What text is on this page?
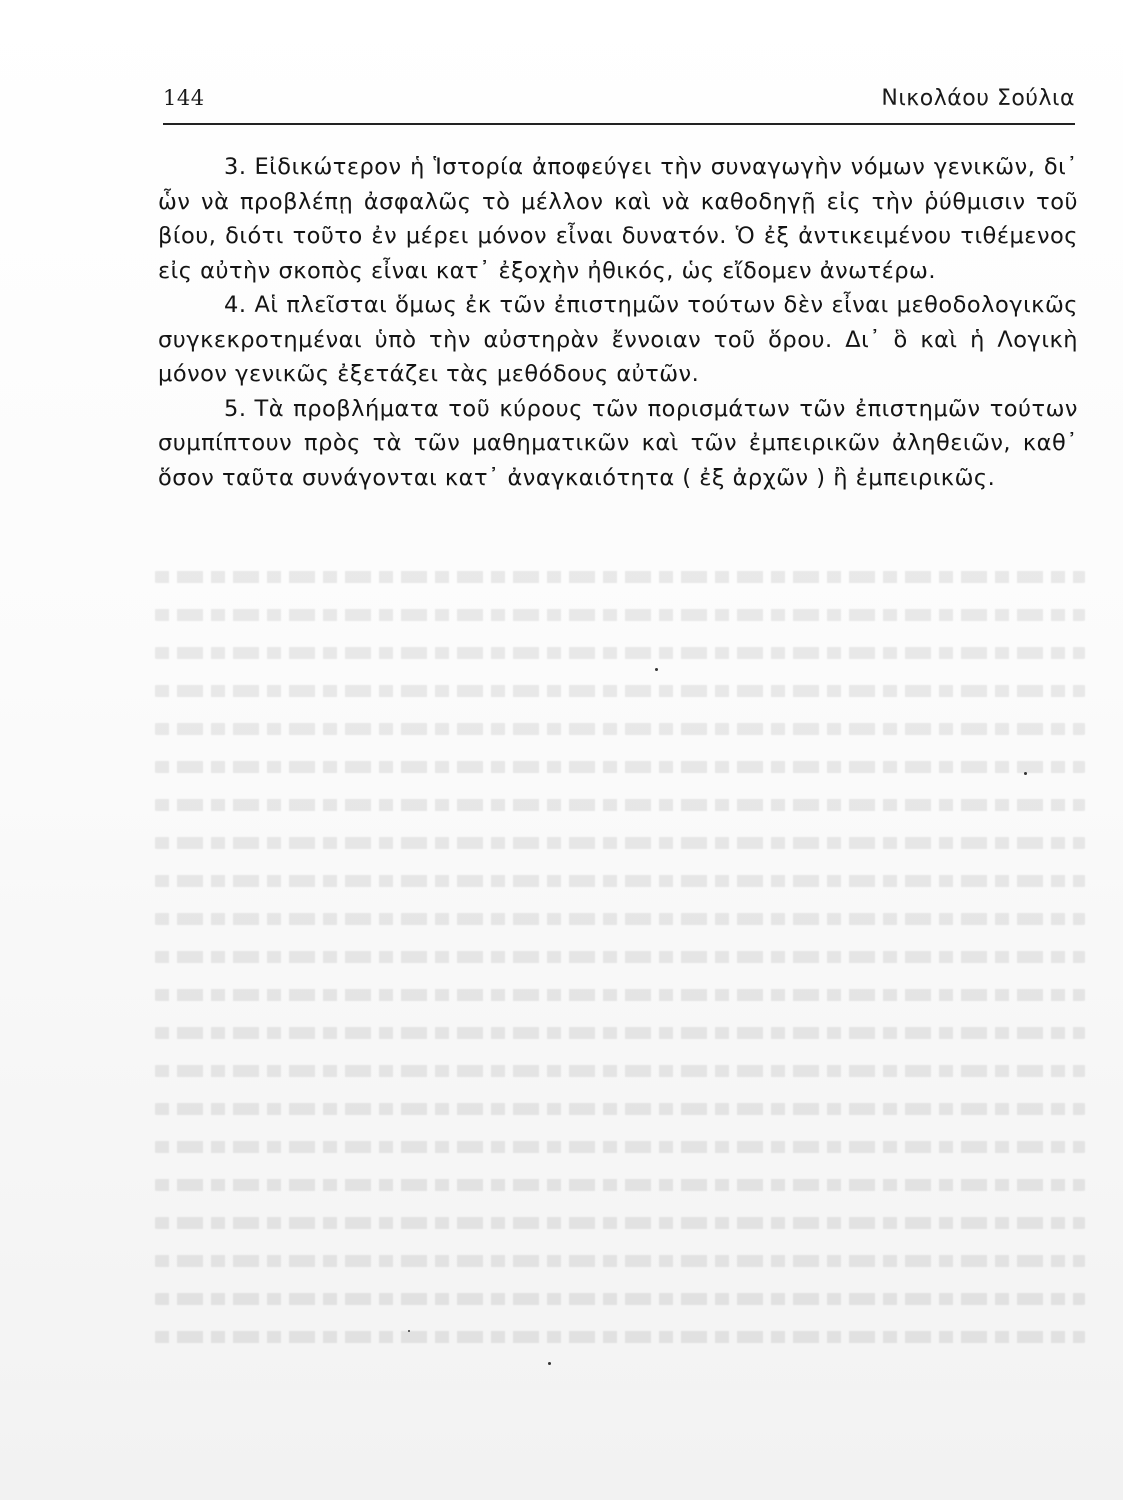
144	Νικολάου Σούλια

3. Εἰδικώτερον ἡ Ἱστορία ἀποφεύγει τὴν συναγωγὴν νόμων γενικῶν, δι᾽ ὧν νὰ προβλέπῃ ἀσφαλῶς τὸ μέλλον καὶ νὰ καθοδηγῇ εἰς τὴν ῥύθμισιν τοῦ βίου, διότι τοῦτο ἐν μέρει μόνον εἶναι δυνατόν. Ὁ ἐξ ἀντικειμένου τιθέμενος εἰς αὐτὴν σκοπὸς εἶναι κατ᾽ ἐξοχὴν ἠθικός, ὡς εἴδομεν ἀνωτέρω.

4. Αἱ πλεῖσται ὅμως ἐκ τῶν ἐπιστημῶν τούτων δὲν εἶναι μεθοδολογικῶς συγκεκροτημέναι ὑπὸ τὴν αὐστηρὰν ἔννοιαν τοῦ ὅρου. Δι᾽ ὃ καὶ ἡ Λογικὴ μόνον γενικῶς ἐξετάζει τὰς μεθόδους αὐτῶν.

5. Τὰ προβλήματα τοῦ κύρους τῶν πορισμάτων τῶν ἐπιστημῶν τούτων συμπίπτουν πρὸς τὰ τῶν μαθηματικῶν καὶ τῶν ἐμπειρικῶν ἀληθειῶν, καθ᾽ ὅσον ταῦτα συνάγονται κατ᾽ ἀναγκαιότητα ( ἐξ ἀρχῶν ) ἢ ἐμπειρικῶς.
